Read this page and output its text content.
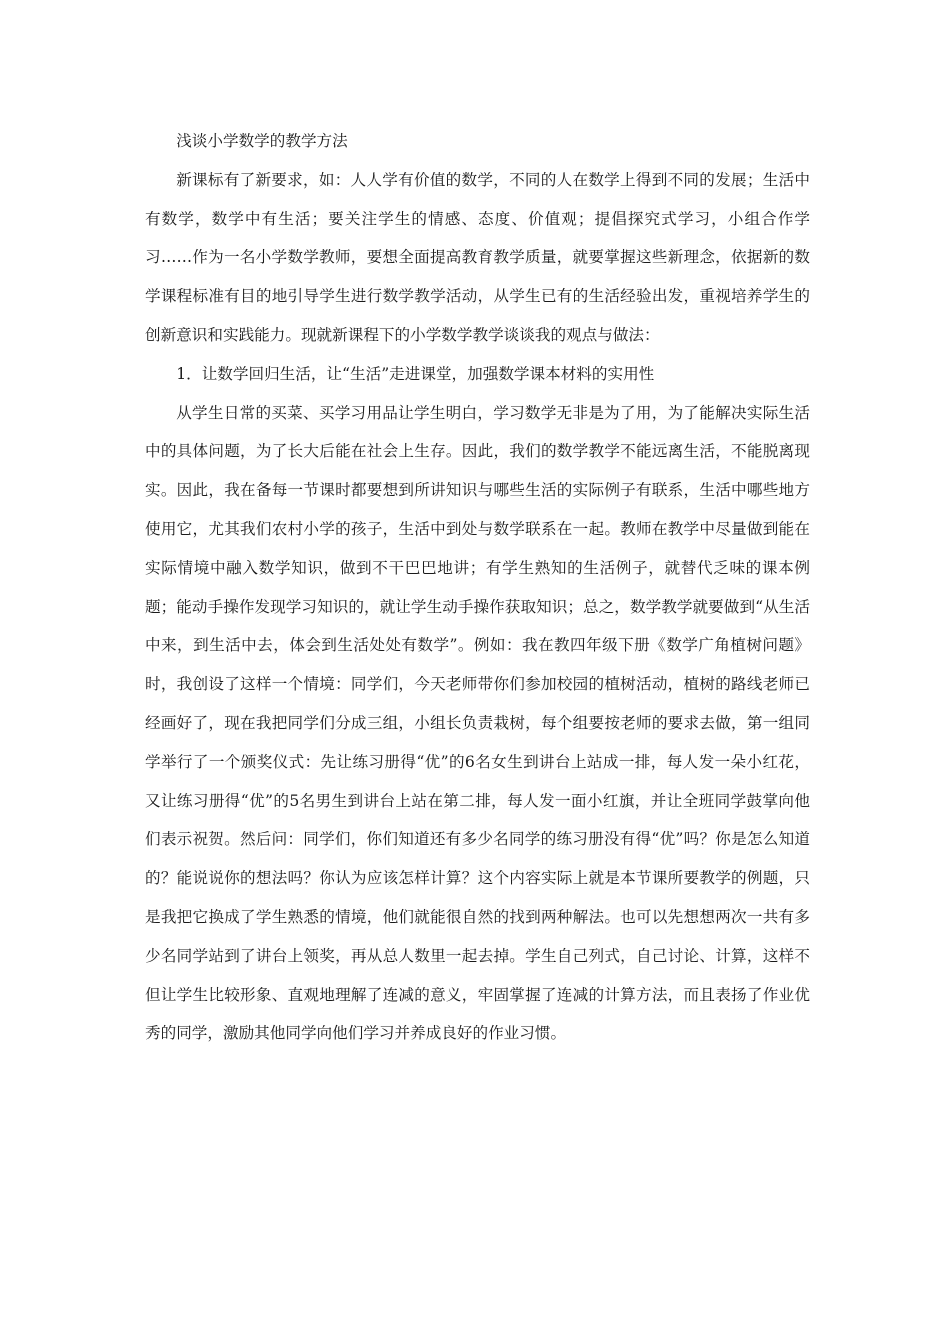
浅谈小学数学的教学方法

新课标有了新要求，如：人人学有价值的数学，不同的人在数学上得到不同的发展；生活中有数学，数学中有生活；要关注学生的情感、态度、价值观；提倡探究式学习，小组合作学习……作为一名小学数学教师，要想全面提高教育教学质量，就要掌握这些新理念，依据新的数学课程标准有目的地引导学生进行数学教学活动，从学生已有的生活经验出发，重视培养学生的创新意识和实践能力。现就新课程下的小学数学教学谈谈我的观点与做法：

1．让数学回归生活，让“生活”走进课堂，加强数学课本材料的实用性

从学生日常的买菜、买学习用品让学生明白，学习数学无非是为了用，为了能解决实际生活中的具体问题，为了长大后能在社会上生存。因此，我们的数学教学不能远离生活，不能脱离现实。因此，我在备每一节课时都要想到所讲知识与哪些生活的实际例子有联系，生活中哪些地方使用它，尤其我们农村小学的孩子，生活中到处与数学联系在一起。教师在教学中尽量做到能在实际情境中融入数学知识，做到不干巴巴地讲；有学生熟知的生活例子，就替代乏味的课本例题；能动手操作发现学习知识的，就让学生动手操作获取知识；总之，数学教学就要做到“从生活中来，到生活中去，体会到生活处处有数学”。例如：我在教四年级下册《数学广角植树问题》时，我创设了这样一个情境：同学们，今天老师带你们参加校园的植树活动，植树的路线老师已经画好了，现在我把同学们分成三组，小组长负责栽树，每个组要按老师的要求去做，第一组同学举行了一个颁奖仪式：先让练习册得“优”的6名女生到讲台上站成一排，每人发一朵小红花，又让练习册得“优”的5名男生到讲台上站在第二排，每人发一面小红旗，并让全班同学鼓掌向他们表示祝贺。然后问：同学们，你们知道还有多少名同学的练习册没有得“优”吗？你是怎么知道的？能说说你的想法吗？你认为应该怎样计算？这个内容实际上就是本节课所要教学的例题，只是我把它换成了学生熟悉的情境，他们就能很自然的找到两种解法。也可以先想想两次一共有多少名同学站到了讲台上领奖，再从总人数里一起去掉。学生自己列式，自己讨论、计算，这样不但让学生比较形象、直观地理解了连减的意义，牢固掌握了连减的计算方法，而且表扬了作业优秀的同学，激励其他同学向他们学习并养成良好的作业习惯。
